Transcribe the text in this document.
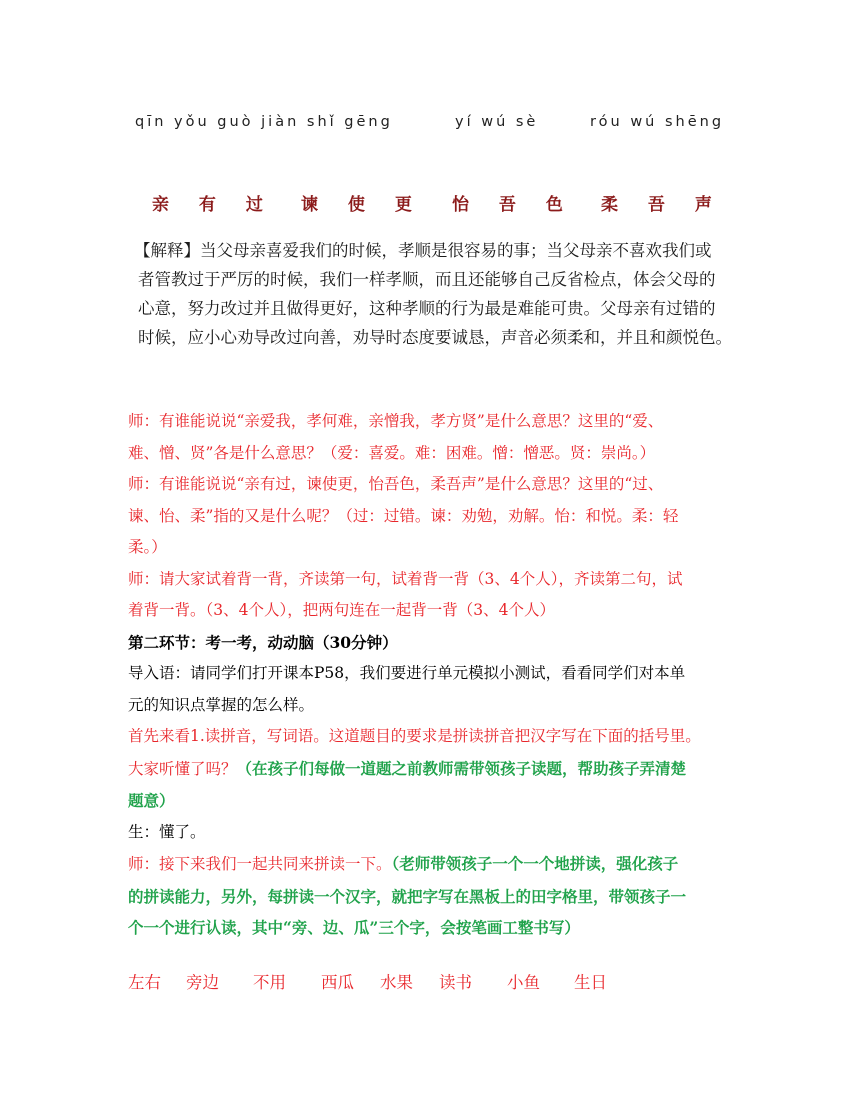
qīn yǒu guò jiàn shǐ gēng	yí wú sè	róu wú shēng
亲 有 过 谏 使 更 怡 吾 色 柔 吾 声
【解释】当父母亲喜爱我们的时候，孝顺是很容易的事；当父母亲不喜欢我们或
者管教过于严厉的时候，我们一样孝顺，而且还能够自己反省检点，体会父母的
心意，努力改过并且做得更好，这种孝顺的行为最是难能可贵。父母亲有过错的
时候，应小心劝导改过向善，劝导时态度要诚恳，声音必须柔和，并且和颜悦色。
师：有谁能说说“亲爱我，孝何难，亲憎我，孝方贤”是什么意思？这里的“爱、
难、憎、贤”各是什么意思？（爱：喜爱。难：困难。憎：憎恶。贤：崇尚。）
师：有谁能说说“亲有过，谏使更，怡吾色，柔吾声”是什么意思？这里的“过、
谏、怡、柔”指的又是什么呢？（过：过错。谏：劝勉，劝解。怡：和悦。柔：轻
柔。）
师：请大家试着背一背，齐读第一句，试着背一背（3、4个人），齐读第二句，试
着背一背。（3、4个人），把两句连在一起背一背（3、4个人）
第二环节：考一考，动动脑（30分钟）
导入语：请同学们打开课本P58，我们要进行单元模拟小测试，看看同学们对本单
元的知识点掌握的怎么样。
首先来看1.读拼音，写词语。这道题目的要求是拼读拼音把汉字写在下面的括号里。
大家听懂了吗？（在孩子们每做一道题之前教师需带领孩子读题，帮助孩子弄清楚
题意）
生：懂了。
师：接下来我们一起共同来拼读一下。（老师带领孩子一个一个地拼读，强化孩子
的拼读能力，另外，每拼读一个汉字，就把字写在黑板上的田字格里，带领孩子一
个一个进行认读，其中“旁、边、瓜”三个字，会按笔画工整书写）
左右 旁边 不用 西瓜 水果 读书 小鱼 生日
